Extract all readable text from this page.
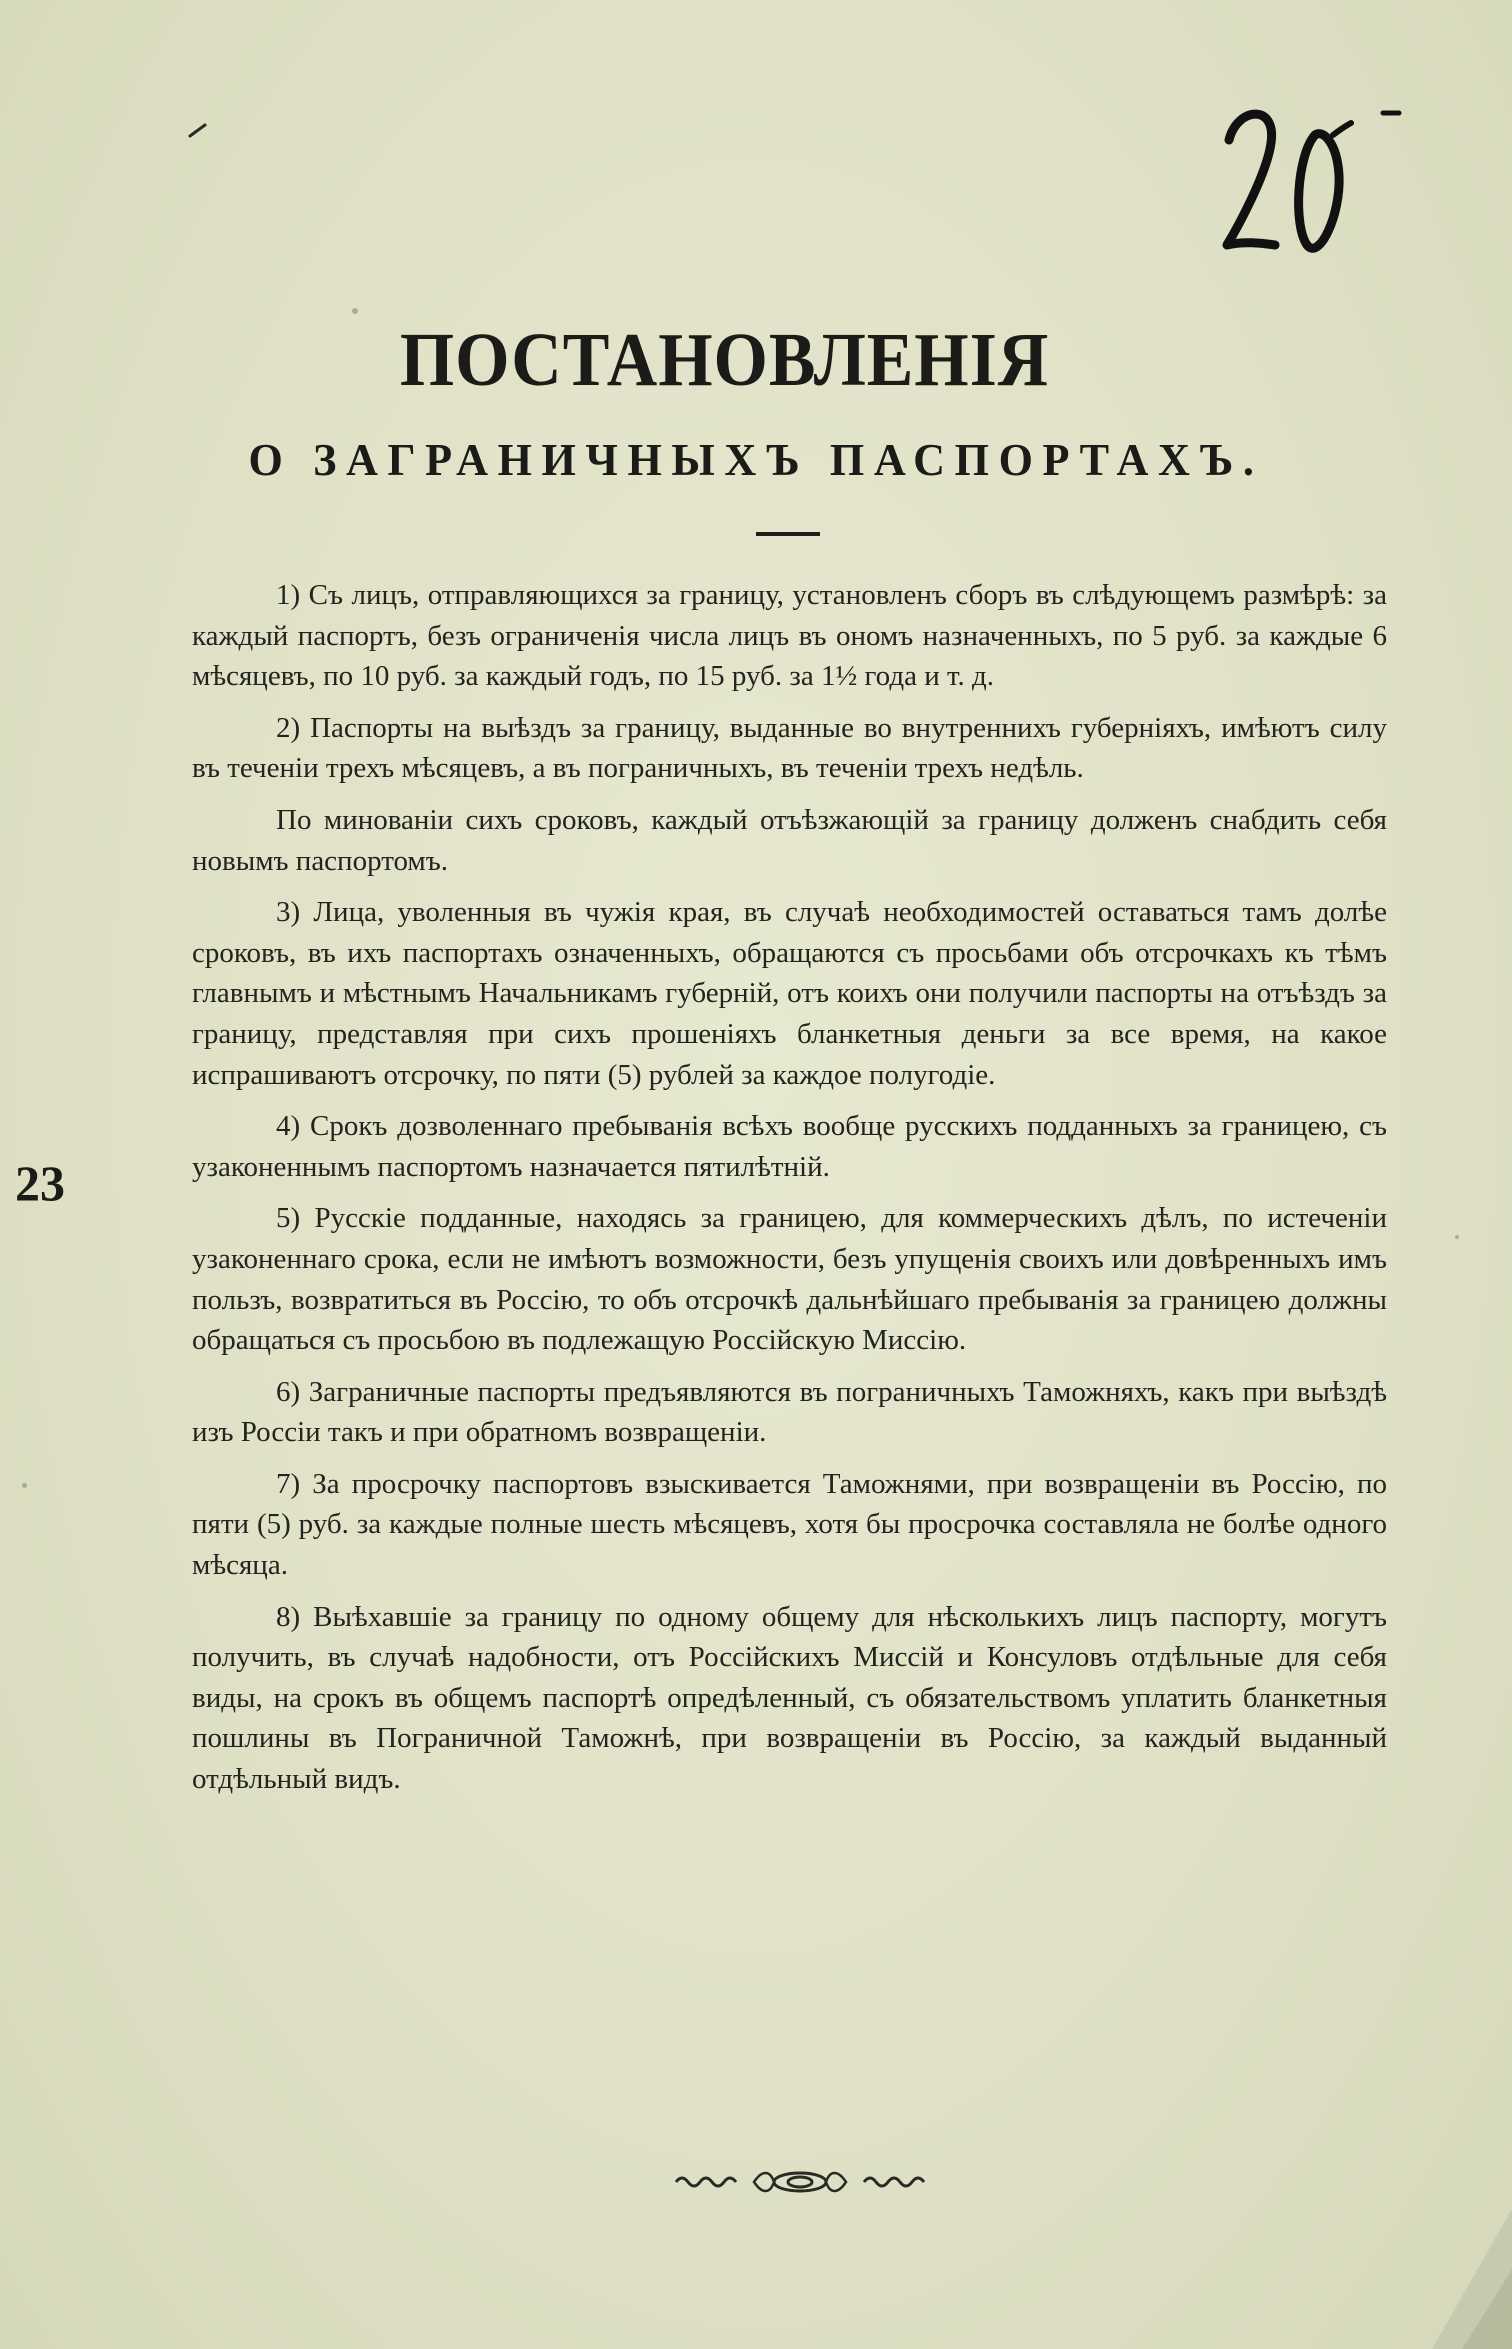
ПОСТАНОВЛЕНІЯ
О ЗАГРАНИЧНЫХЪ ПАСПОРТАХЪ.

1) Съ лицъ, отправляющихся за границу, установленъ сборъ въ слѣдующемъ размѣрѣ: за каждый паспортъ, безъ ограниченія числа лицъ въ ономъ назначенныхъ, по 5 руб. за каждые 6 мѣсяцевъ, по 10 руб. за каждый годъ, по 15 руб. за 1½ года и т. д.

2) Паспорты на выѣздъ за границу, выданные во внутреннихъ губерніяхъ, имѣютъ силу въ теченіи трехъ мѣсяцевъ, а въ пограничныхъ, въ теченіи трехъ недѣль.

По минованіи сихъ сроковъ, каждый отъѣзжающій за границу долженъ снабдить себя новымъ паспортомъ.

3) Лица, уволенныя въ чужія края, въ случаѣ необходимостей оставаться тамъ долѣе сроковъ, въ ихъ паспортахъ означенныхъ, обращаются съ просьбами объ отсрочкахъ къ тѣмъ главнымъ и мѣстнымъ Начальникамъ губерній, отъ коихъ они получили паспорты на отъѣздъ за границу, представляя при сихъ прошеніяхъ бланкетныя деньги за все время, на какое испрашиваютъ отсрочку, по пяти (5) рублей за каждое полугодіе.

4) Срокъ дозволеннаго пребыванія всѣхъ вообще русскихъ подданныхъ за границею, съ узаконеннымъ паспортомъ назначается пятилѣтній.

5) Русскіе подданные, находясь за границею, для коммерческихъ дѣлъ, по истеченіи узаконеннаго срока, если не имѣютъ возможности, безъ упущенія своихъ или довѣренныхъ имъ пользъ, возвратиться въ Россію, то объ отсрочкѣ дальнѣйшаго пребыванія за границею должны обращаться съ просьбою въ подлежащую Россійскую Миссію.

6) Заграничные паспорты предъявляются въ пограничныхъ Таможняхъ, какъ при выѣздѣ изъ Россіи такъ и при обратномъ возвращеніи.

7) За просрочку паспортовъ взыскивается Таможнями, при возвращеніи въ Россію, по пяти (5) руб. за каждые полные шесть мѣсяцевъ, хотя бы просрочка составляла не болѣе одного мѣсяца.

8) Выѣхавшіе за границу по одному общему для нѣсколькихъ лицъ паспорту, могутъ получить, въ случаѣ надобности, отъ Россійскихъ Миссій и Консуловъ отдѣльные для себя виды, на срокъ въ общемъ паспортѣ опредѣленный, съ обязательствомъ уплатить бланкетныя пошлины въ Пограничной Таможнѣ, при возвращеніи въ Россію, за каждый выданный отдѣльный видъ.

23
